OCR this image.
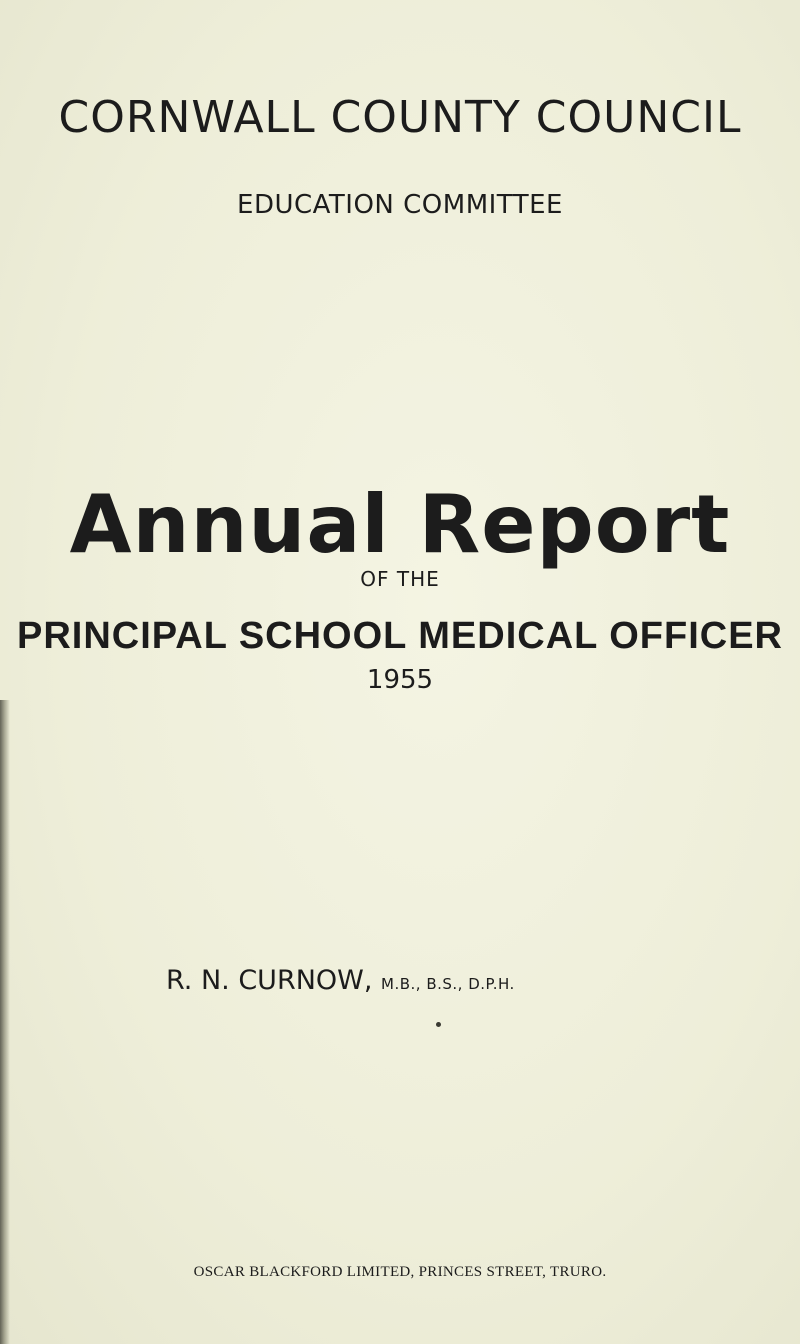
CORNWALL COUNTY COUNCIL
EDUCATION COMMITTEE
Annual Report
OF THE
PRINCIPAL SCHOOL MEDICAL OFFICER
1955
R. N. CURNOW, M.B., B.S., D.P.H.
OSCAR BLACKFORD LIMITED, PRINCES STREET, TRURO.
